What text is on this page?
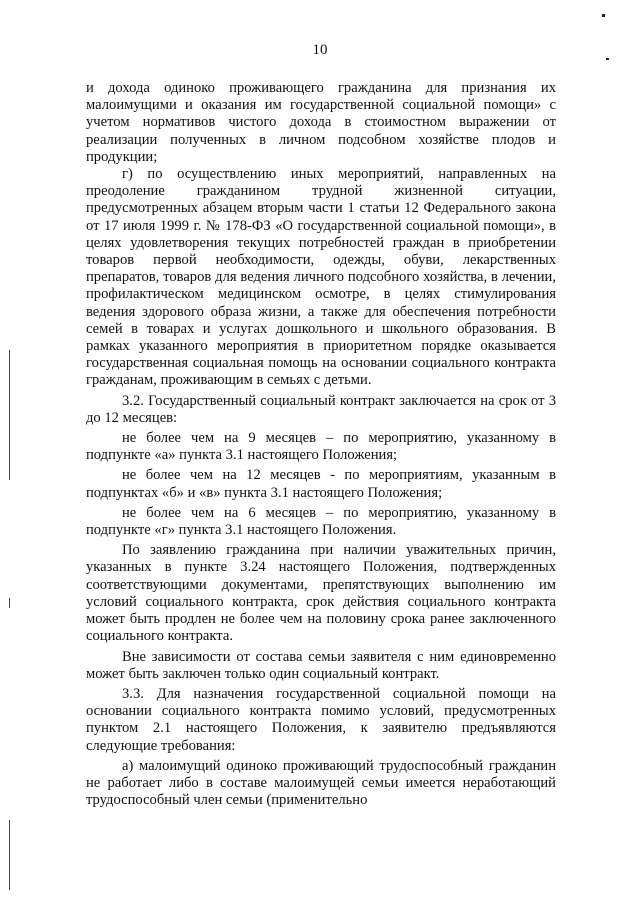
10

и дохода одиноко проживающего гражданина для признания их малоимущими и оказания им государственной социальной помощи» с учетом нормативов чистого дохода в стоимостном выражении от реализации полученных в личном подсобном хозяйстве плодов и продукции;

г) по осуществлению иных мероприятий, направленных на преодоление гражданином трудной жизненной ситуации, предусмотренных абзацем вторым части 1 статьи 12 Федерального закона от 17 июля 1999 г. № 178-ФЗ «О государственной социальной помощи», в целях удовлетворения текущих потребностей граждан в приобретении товаров первой необходимости, одежды, обуви, лекарственных препаратов, товаров для ведения личного подсобного хозяйства, в лечении, профилактическом медицинском осмотре, в целях стимулирования ведения здорового образа жизни, а также для обеспечения потребности семей в товарах и услугах дошкольного и школьного образования. В рамках указанного мероприятия в приоритетном порядке оказывается государственная социальная помощь на основании социального контракта гражданам, проживающим в семьях с детьми.

3.2. Государственный социальный контракт заключается на срок от 3 до 12 месяцев:

не более чем на 9 месяцев – по мероприятию, указанному в подпункте «а» пункта 3.1 настоящего Положения;

не более чем на 12 месяцев - по мероприятиям, указанным в подпунктах «б» и «в» пункта 3.1 настоящего Положения;

не более чем на 6 месяцев – по мероприятию, указанному в подпункте «г» пункта 3.1 настоящего Положения.

По заявлению гражданина при наличии уважительных причин, указанных в пункте 3.24 настоящего Положения, подтвержденных соответствующими документами, препятствующих выполнению им условий социального контракта, срок действия социального контракта может быть продлен не более чем на половину срока ранее заключенного социального контракта.

Вне зависимости от состава семьи заявителя с ним единовременно может быть заключен только один социальный контракт.

3.3. Для назначения государственной социальной помощи на основании социального контракта помимо условий, предусмотренных пунктом 2.1 настоящего Положения, к заявителю предъявляются следующие требования:

а) малоимущий одиноко проживающий трудоспособный гражданин не работает либо в составе малоимущей семьи имеется неработающий трудоспособный член семьи (применительно
